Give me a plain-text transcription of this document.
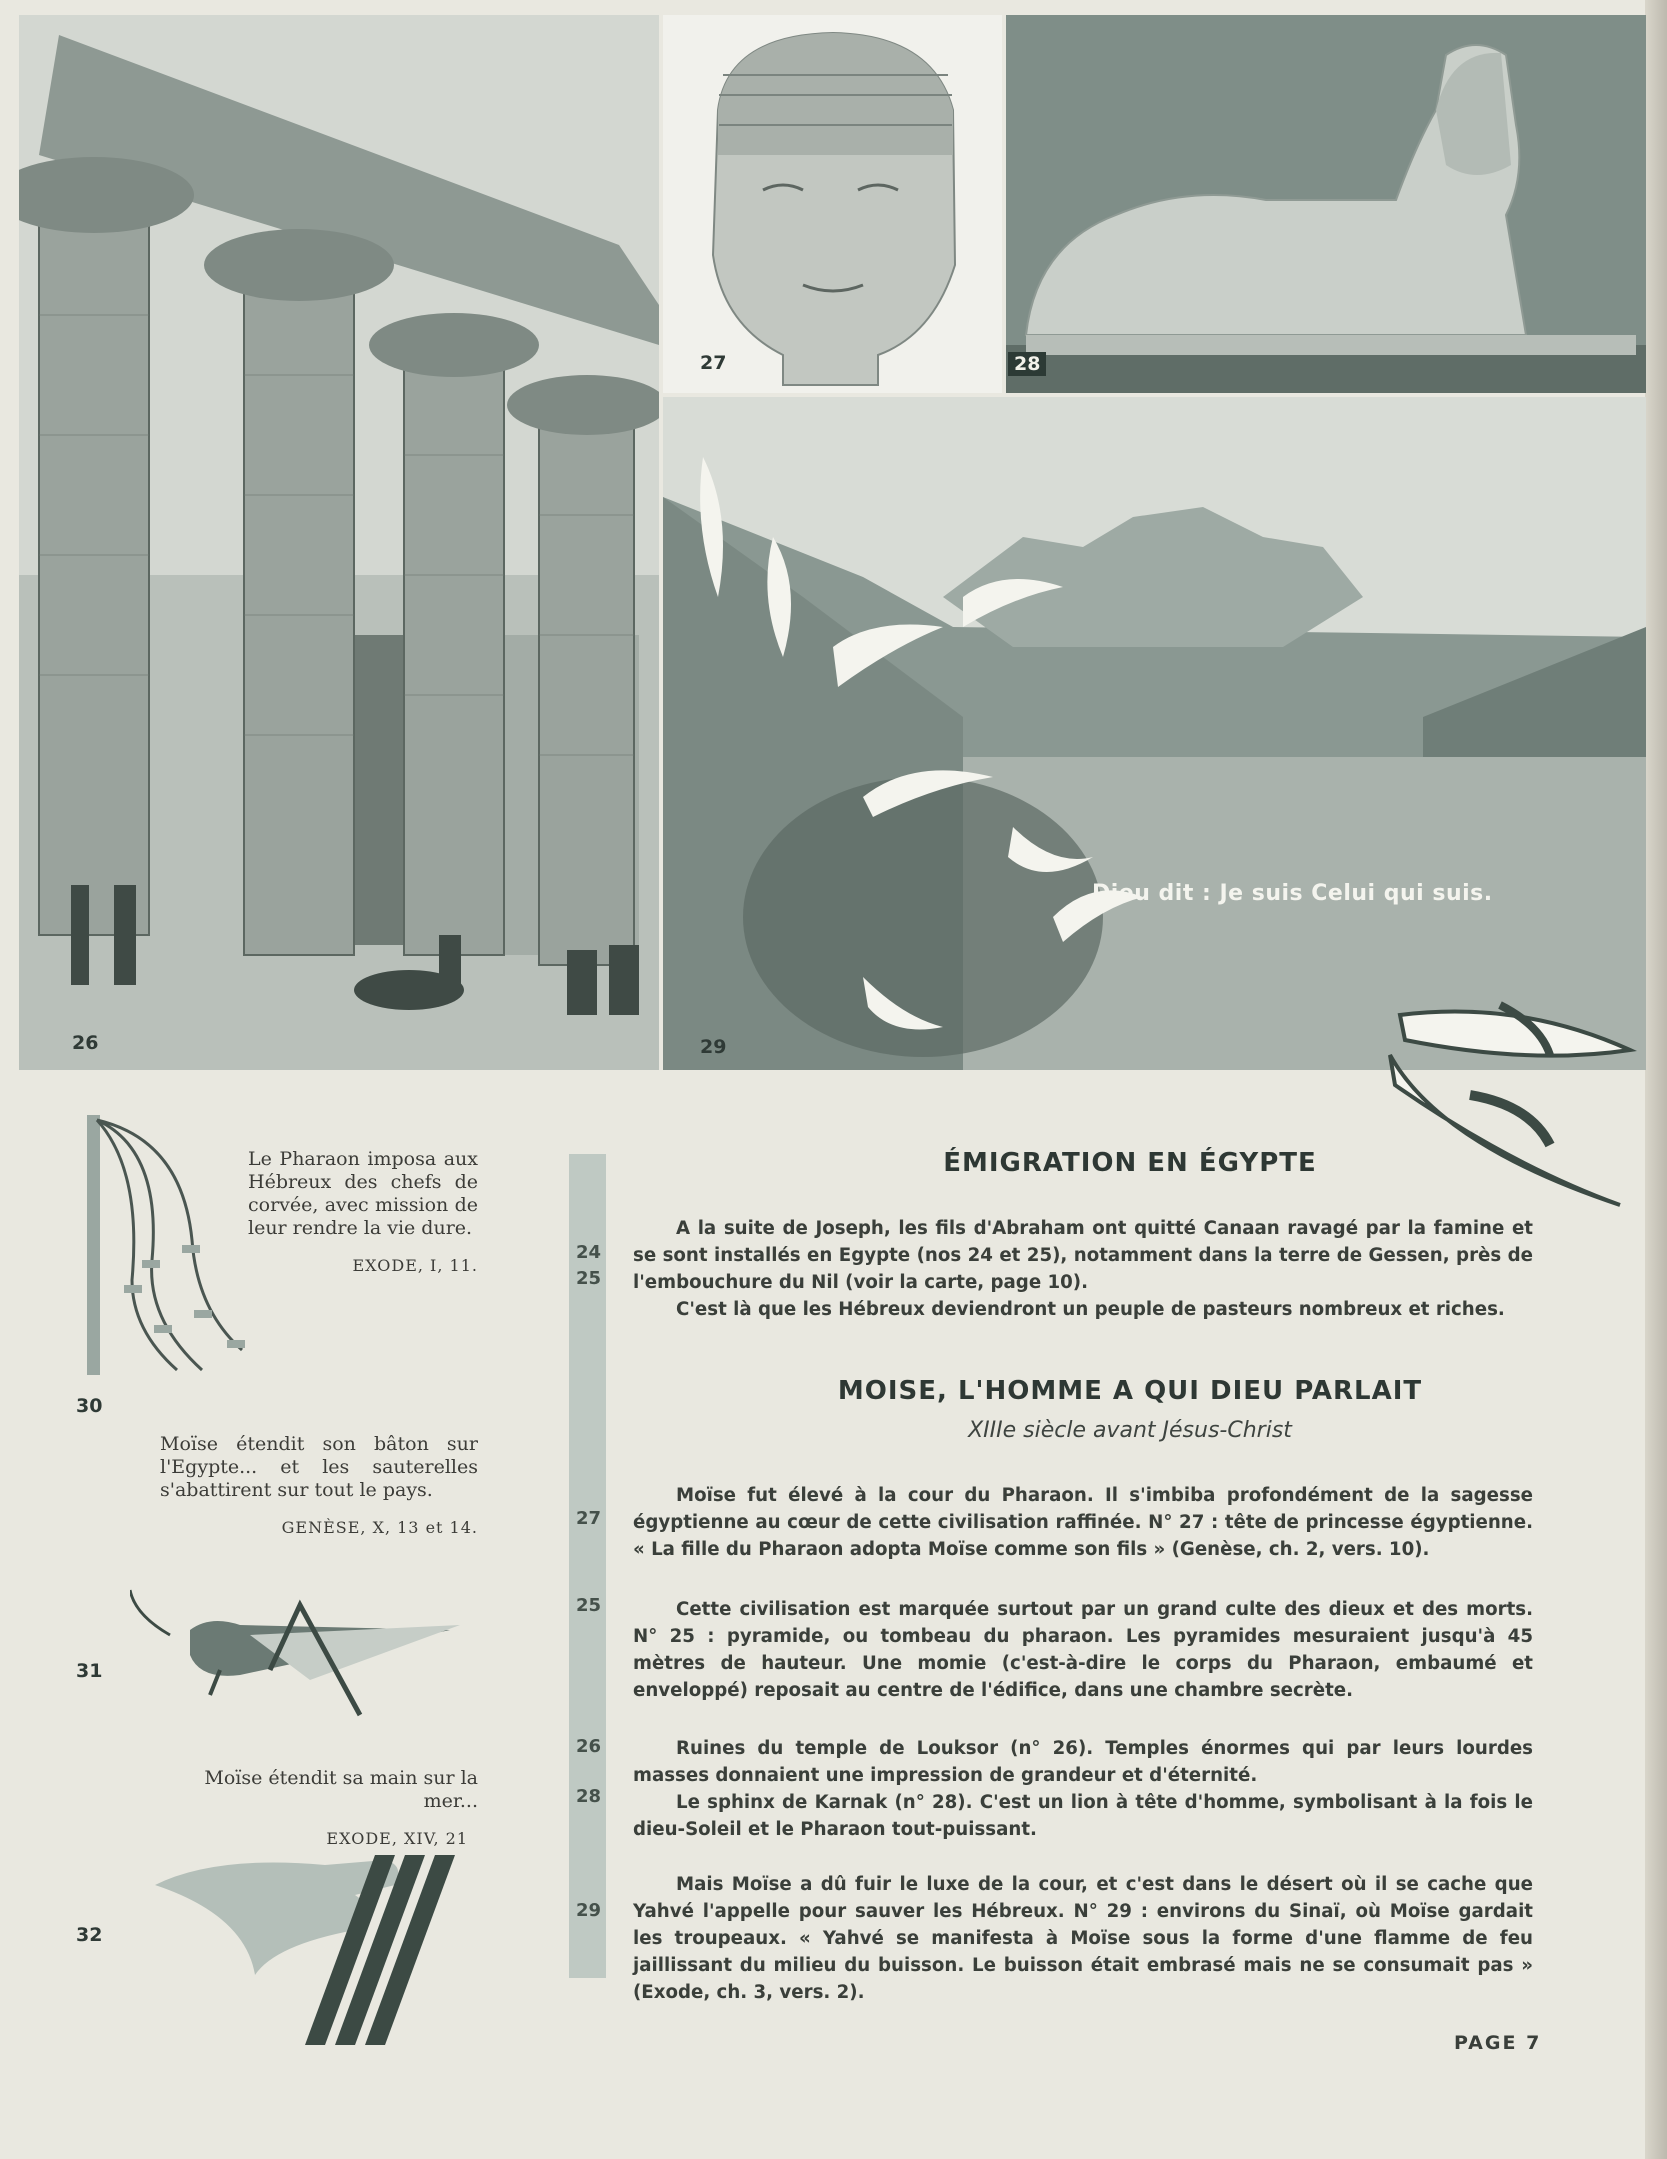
26
27	28
Dieu dit : Je suis Celui qui suis.
29
Le Pharaon imposa aux Hébreux des chefs de corvée, avec mission de leur rendre la vie dure.
EXODE, I, 11.
30
Moïse étendit son bâton sur l'Egypte... et les sauterelles s'abattirent sur tout le pays.
GENÈSE, X, 13 et 14.
31
Moïse étendit sa main sur la mer...
EXODE, XIV, 21
32
24
25
27
25
26
28
29
ÉMIGRATION EN ÉGYPTE

A la suite de Joseph, les fils d'Abraham ont quitté Canaan ravagé par la famine et se sont installés en Egypte (nos 24 et 25), notamment dans la terre de Gessen, près de l'embouchure du Nil (voir la carte, page 10).

C'est là que les Hébreux deviendront un peuple de pasteurs nombreux et riches.

MOISE, L'HOMME A QUI DIEU PARLAIT
XIIIe siècle avant Jésus-Christ

Moïse fut élevé à la cour du Pharaon. Il s'imbiba profondément de la sagesse égyptienne au cœur de cette civilisation raffinée. N° 27 : tête de princesse égyptienne. « La fille du Pharaon adopta Moïse comme son fils » (Genèse, ch. 2, vers. 10).

Cette civilisation est marquée surtout par un grand culte des dieux et des morts. N° 25 : pyramide, ou tombeau du pharaon. Les pyramides mesuraient jusqu'à 45 mètres de hauteur. Une momie (c'est-à-dire le corps du Pharaon, embaumé et enveloppé) reposait au centre de l'édifice, dans une chambre secrète.

Ruines du temple de Louksor (n° 26). Temples énormes qui par leurs lourdes masses donnaient une impression de grandeur et d'éternité.

Le sphinx de Karnak (n° 28). C'est un lion à tête d'homme, symbolisant à la fois le dieu-Soleil et le Pharaon tout-puissant.

Mais Moïse a dû fuir le luxe de la cour, et c'est dans le désert où il se cache que Yahvé l'appelle pour sauver les Hébreux. N° 29 : environs du Sinaï, où Moïse gardait les troupeaux. « Yahvé se manifesta à Moïse sous la forme d'une flamme de feu jaillissant du milieu du buisson. Le buisson était embrasé mais ne se consumait pas » (Exode, ch. 3, vers. 2).

PAGE 7
